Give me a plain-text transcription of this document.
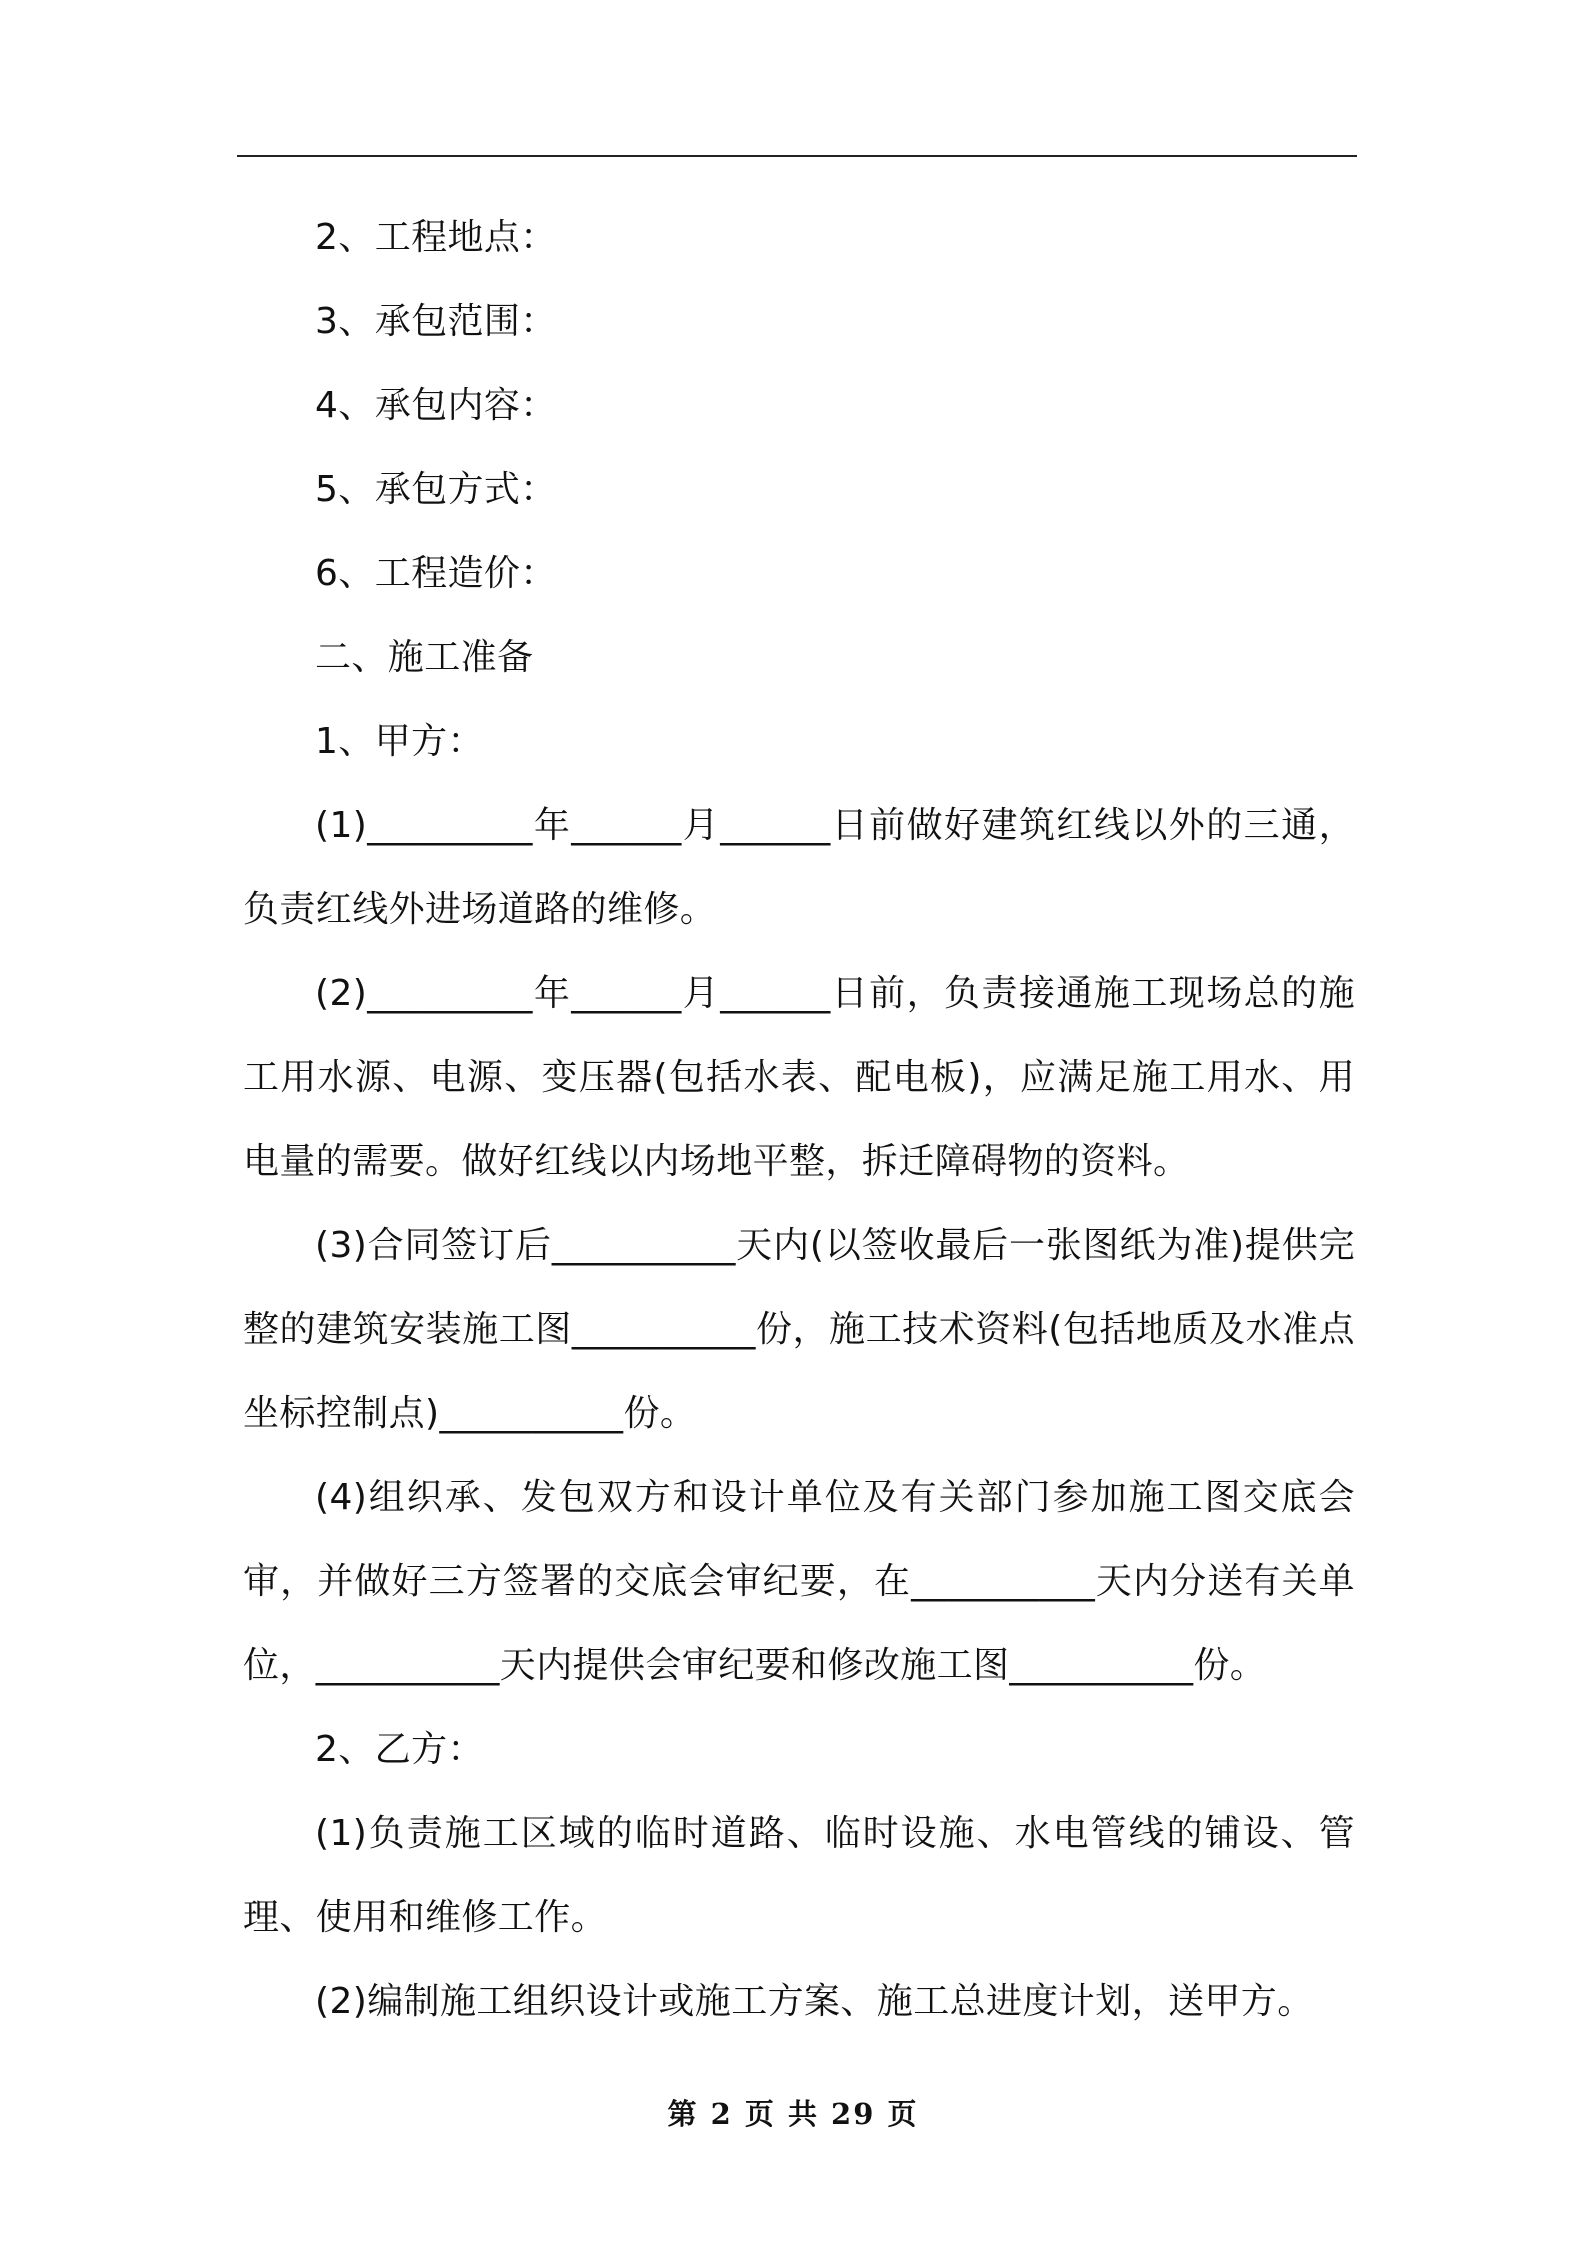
2、工程地点：

3、承包范围：

4、承包内容：

5、承包方式：

6、工程造价：

二、施工准备

1、甲方：

(1)_________年______月______日前做好建筑红线以外的三通，负责红线外进场道路的维修。

(2)_________年______月______日前，负责接通施工现场总的施工用水源、电源、变压器(包括水表、配电板)，应满足施工用水、用电量的需要。做好红线以内场地平整，拆迁障碍物的资料。

(3)合同签订后__________天内(以签收最后一张图纸为准)提供完整的建筑安装施工图__________份，施工技术资料(包括地质及水准点坐标控制点)__________份。

(4)组织承、发包双方和设计单位及有关部门参加施工图交底会审，并做好三方签署的交底会审纪要，在__________天内分送有关单位，__________天内提供会审纪要和修改施工图__________份。

2、乙方：

(1)负责施工区域的临时道路、临时设施、水电管线的铺设、管理、使用和维修工作。

(2)编制施工组织设计或施工方案、施工总进度计划，送甲方。

第 2 页 共 29 页
